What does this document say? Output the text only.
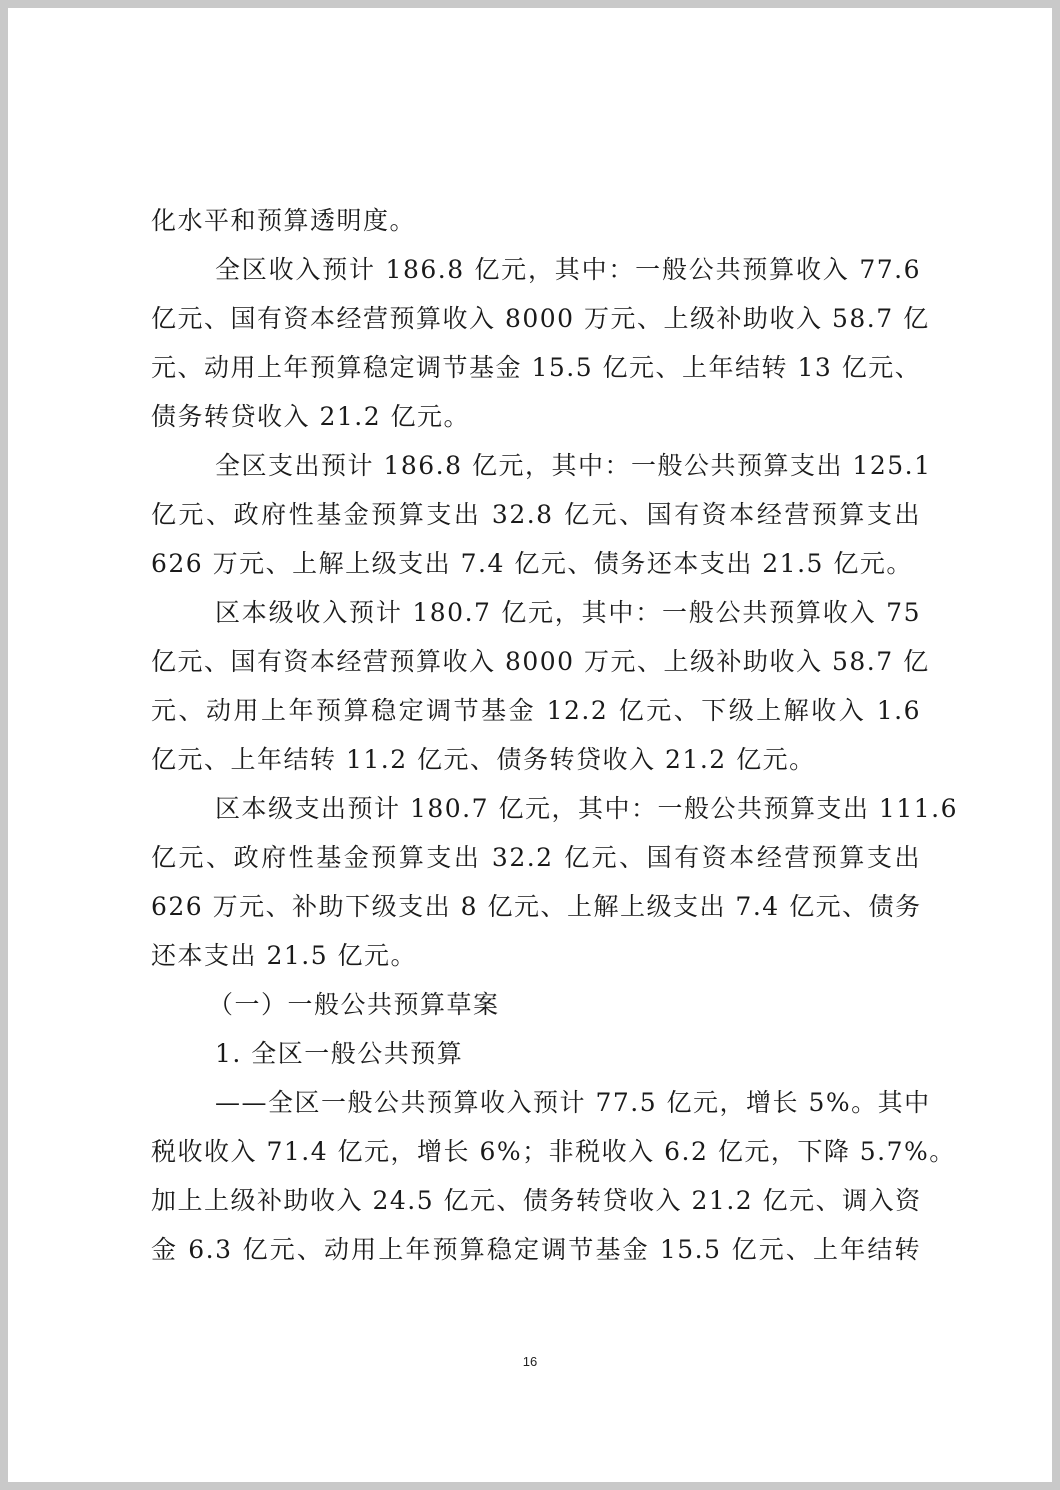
化水平和预算透明度。
全区收入预计 186.8 亿元，其中：一般公共预算收入 77.6
亿元、国有资本经营预算收入 8000 万元、上级补助收入 58.7 亿
元、动用上年预算稳定调节基金 15.5 亿元、上年结转 13 亿元、
债务转贷收入 21.2 亿元。
全区支出预计 186.8 亿元，其中：一般公共预算支出 125.1
亿元、政府性基金预算支出 32.8 亿元、国有资本经营预算支出
626 万元、上解上级支出 7.4 亿元、债务还本支出 21.5 亿元。
区本级收入预计 180.7 亿元，其中：一般公共预算收入 75
亿元、国有资本经营预算收入 8000 万元、上级补助收入 58.7 亿
元、动用上年预算稳定调节基金 12.2 亿元、下级上解收入 1.6
亿元、上年结转 11.2 亿元、债务转贷收入 21.2 亿元。
区本级支出预计 180.7 亿元，其中：一般公共预算支出 111.6
亿元、政府性基金预算支出 32.2 亿元、国有资本经营预算支出
626 万元、补助下级支出 8 亿元、上解上级支出 7.4 亿元、债务
还本支出 21.5 亿元。
（一）一般公共预算草案
1. 全区一般公共预算
——全区一般公共预算收入预计 77.5 亿元，增长 5%。其中
税收收入 71.4 亿元，增长 6%；非税收入 6.2 亿元，下降 5.7%。
加上上级补助收入 24.5 亿元、债务转贷收入 21.2 亿元、调入资
金 6.3 亿元、动用上年预算稳定调节基金 15.5 亿元、上年结转
16
